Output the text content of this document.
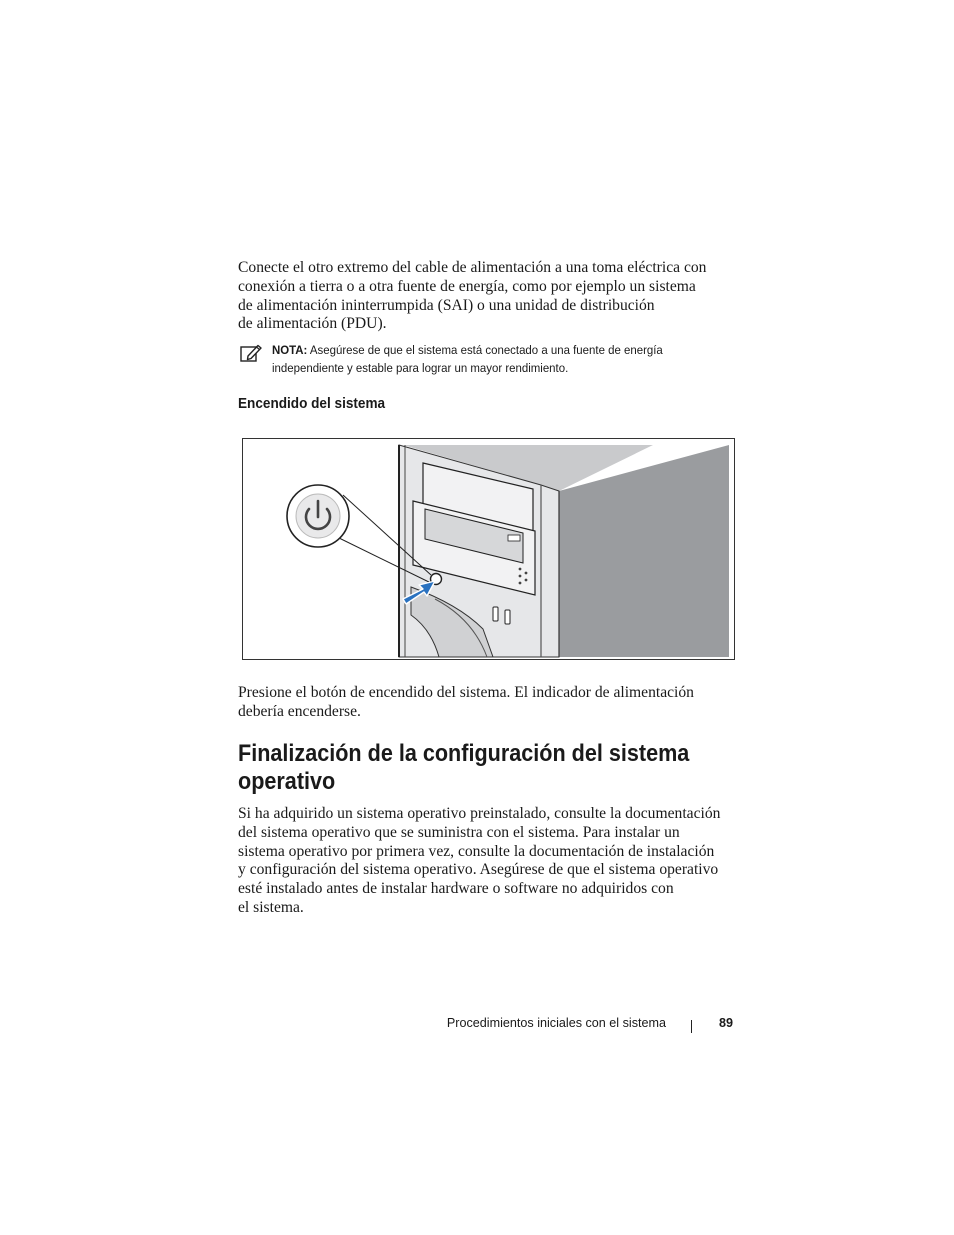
Conecte el otro extremo del cable de alimentación a una toma eléctrica con
conexión a tierra o a otra fuente de energía, como por ejemplo un sistema
de alimentación ininterrumpida (SAI) o una unidad de distribución
de alimentación (PDU).
NOTA: Asegúrese de que el sistema está conectado a una fuente de energía
independiente y estable para lograr un mayor rendimiento.
Encendido del sistema
Presione el botón de encendido del sistema. El indicador de alimentación
debería encenderse.
Finalización de la configuración del sistema
operativo
Si ha adquirido un sistema operativo preinstalado, consulte la documentación
del sistema operativo que se suministra con el sistema. Para instalar un
sistema operativo por primera vez, consulte la documentación de instalación
y configuración del sistema operativo. Asegúrese de que el sistema operativo
esté instalado antes de instalar hardware o software no adquiridos con
el sistema.
Procedimientos iniciales con el sistema	89
